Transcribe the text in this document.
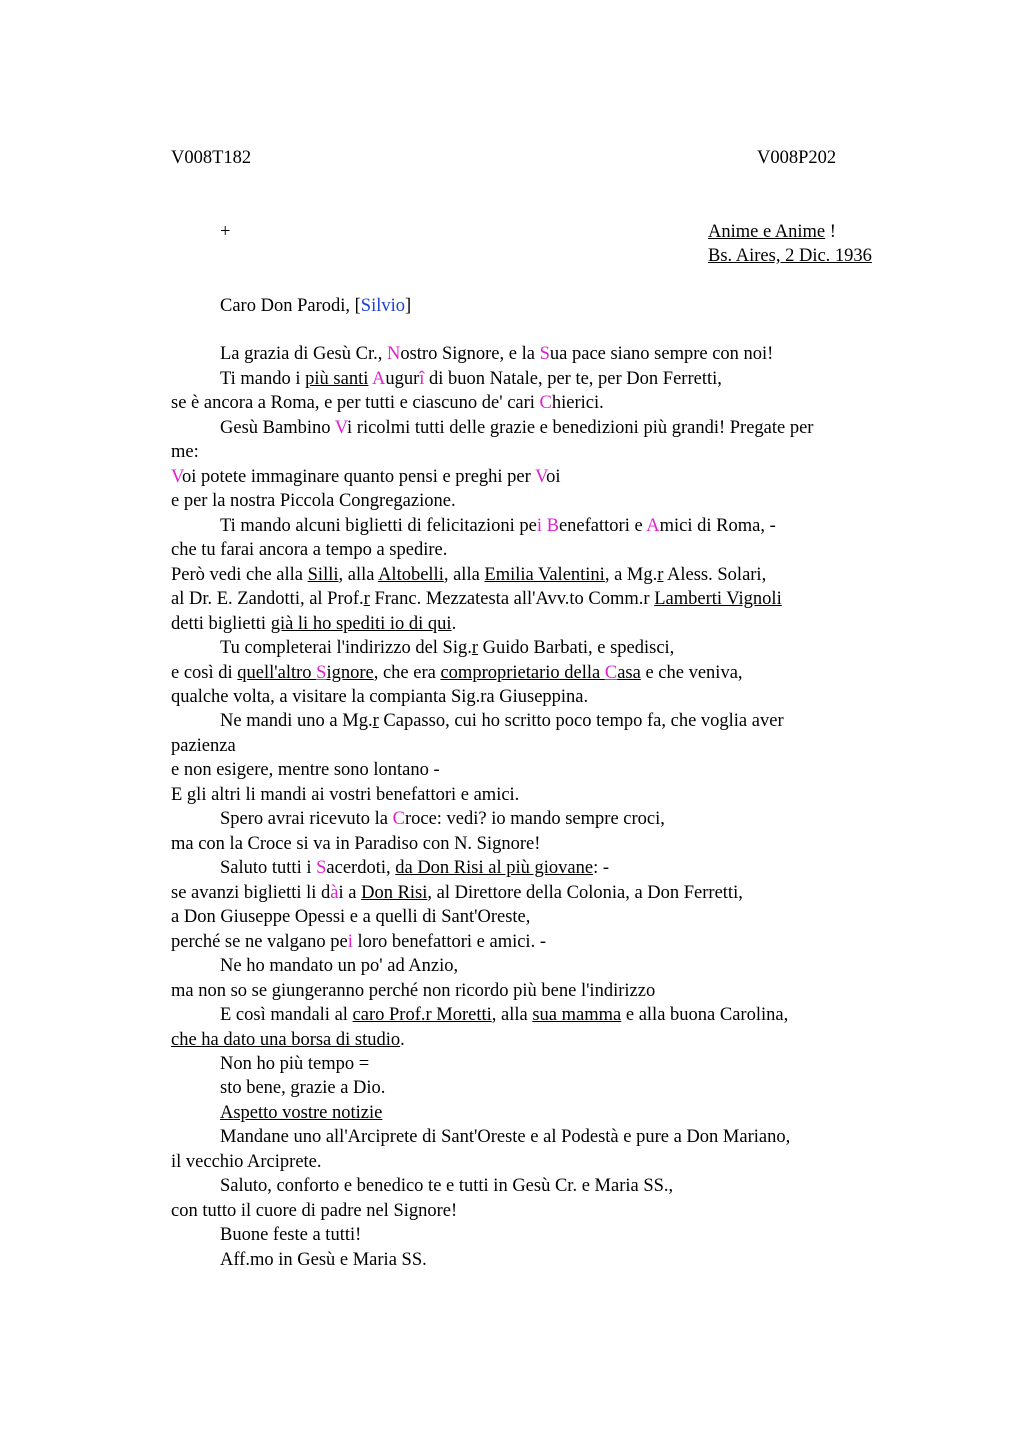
V008T182	V008P202
+	Anime e Anime !
Bs. Aires, 2 Dic. 1936
Caro Don Parodi, [Silvio]
La grazia di Gesù Cr., Nostro Signore, e la Sua pace siano sempre con noi!
Ti mando i più santi Augurî di buon Natale, per te, per Don Ferretti,
se è ancora a Roma, e per tutti e ciascuno de' cari Chierici.
Gesù Bambino Vi ricolmi tutti delle grazie e benedizioni più grandi! Pregate per
me:
Voi potete immaginare quanto pensi e preghi per Voi
e per la nostra Piccola Congregazione.
Ti mando alcuni biglietti di felicitazioni pei Benefattori e Amici di Roma, -
che tu farai ancora a tempo a spedire.
Però vedi che alla Silli, alla Altobelli, alla Emilia Valentini, a Mg.r Aless. Solari,
al Dr. E. Zandotti, al Prof.r Franc. Mezzatesta all'Avv.to Comm.r Lamberti Vignoli
detti biglietti già li ho spediti io di qui.
Tu completerai l'indirizzo del Sig.r Guido Barbati, e spedisci,
e così di quell'altro Signore, che era comproprietario della Casa e che veniva,
qualche volta, a visitare la compianta Sig.ra Giuseppina.
Ne mandi uno a Mg.r Capasso, cui ho scritto poco tempo fa, che voglia aver
pazienza
e non esigere, mentre sono lontano -
E gli altri li mandi ai vostri benefattori e amici.
Spero avrai ricevuto la Croce: vedi? io mando sempre croci,
ma con la Croce si va in Paradiso con N. Signore!
Saluto tutti i Sacerdoti, da Don Risi al più giovane: -
se avanzi biglietti li dài a Don Risi, al Direttore della Colonia, a Don Ferretti,
a Don Giuseppe Opessi e a quelli di Sant'Oreste,
perché se ne valgano pei loro benefattori e amici. -
Ne ho mandato un po' ad Anzio,
ma non so se giungeranno perché non ricordo più bene l'indirizzo
E così mandali al caro Prof.r Moretti, alla sua mamma e alla buona Carolina,
che ha dato una borsa di studio.
Non ho più tempo =
sto bene, grazie a Dio.
Aspetto vostre notizie
Mandane uno all'Arciprete di Sant'Oreste e al Podestà e pure a Don Mariano,
il vecchio Arciprete.
Saluto, conforto e benedico te e tutti in Gesù Cr. e Maria SS.,
con tutto il cuore di padre nel Signore!
Buone feste a tutti!
Aff.mo in Gesù e Maria SS.
